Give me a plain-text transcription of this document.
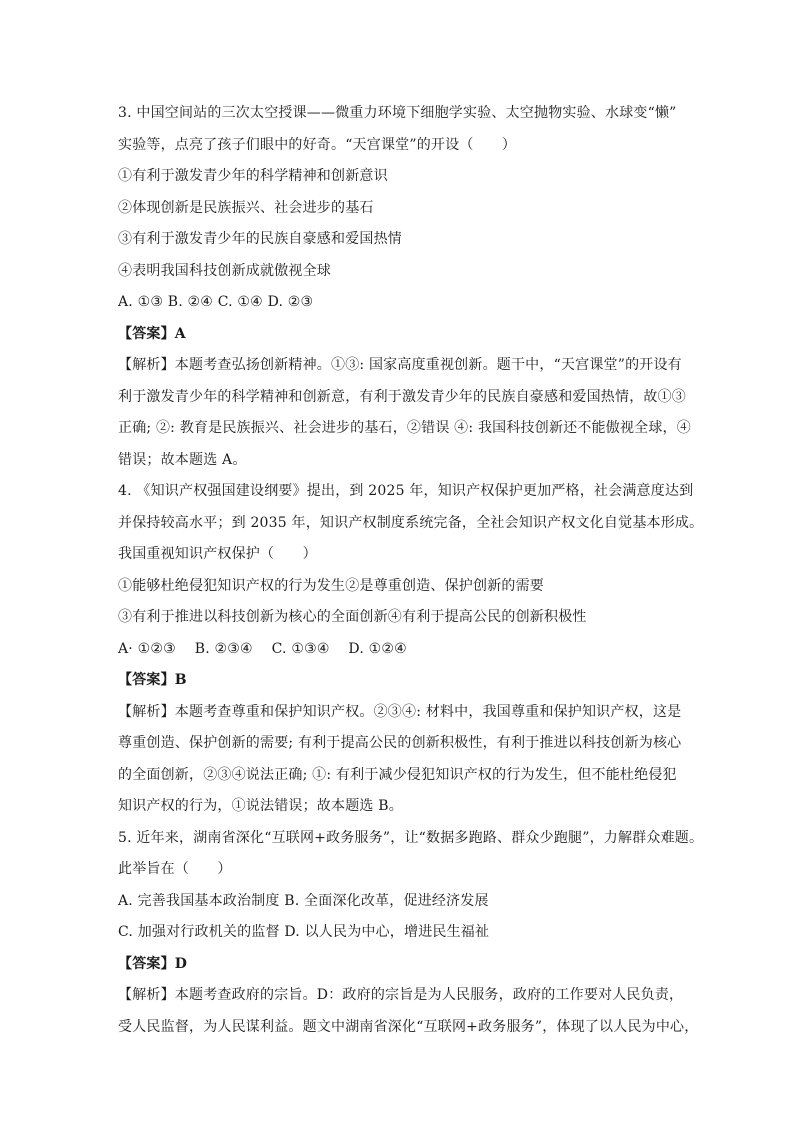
3. 中国空间站的三次太空授课——微重力环境下细胞学实验、太空抛物实验、水球变“懒”
实验等，点亮了孩子们眼中的好奇。“天宫课堂”的开设（　　）
①有利于激发青少年的科学精神和创新意识
②体现创新是民族振兴、社会进步的基石
③有利于激发青少年的民族自豪感和爱国热情
④表明我国科技创新成就傲视全球
A. ①③ B. ②④ C. ①④ D. ②③
【答案】A
【解析】本题考查弘扬创新精神。①③: 国家高度重视创新。题干中，“天宫课堂”的开设有
利于激发青少年的科学精神和创新意，有利于激发青少年的民族自豪感和爱国热情，故①③
正确; ②: 教育是民族振兴、社会进步的基石，②错误 ④: 我国科技创新还不能傲视全球，④
错误；故本题选 A。
4. 《知识产权强国建设纲要》提出，到 2025 年，知识产权保护更加严格，社会满意度达到
并保持较高水平；到 2035 年，知识产权制度系统完备，全社会知识产权文化自觉基本形成。
我国重视知识产权保护（　　）
①能够杜绝侵犯知识产权的行为发生②是尊重创造、保护创新的需要
③有利于推进以科技创新为核心的全面创新④有利于提高公民的创新积极性
A· ①②③　 B. ②③④　 C. ①③④　 D. ①②④
【答案】B
【解析】本题考查尊重和保护知识产权。②③④: 材料中，我国尊重和保护知识产权，这是
尊重创造、保护创新的需要; 有利于提高公民的创新积极性，有利于推进以科技创新为核心
的全面创新，②③④说法正确; ①: 有利于减少侵犯知识产权的行为发生，但不能杜绝侵犯
知识产权的行为，①说法错误；故本题选 B。
5. 近年来，湖南省深化“互联网+政务服务”，让“数据多跑路、群众少跑腿”，力解群众难题。
此举旨在（　　）
A. 完善我国基本政治制度 B. 全面深化改革，促进经济发展
C. 加强对行政机关的监督 D. 以人民为中心，增进民生福祉
【答案】D
【解析】本题考查政府的宗旨。D：政府的宗旨是为人民服务，政府的工作要对人民负责，
受人民监督，为人民谋利益。题文中湖南省深化“互联网+政务服务”，体现了以人民为中心，
